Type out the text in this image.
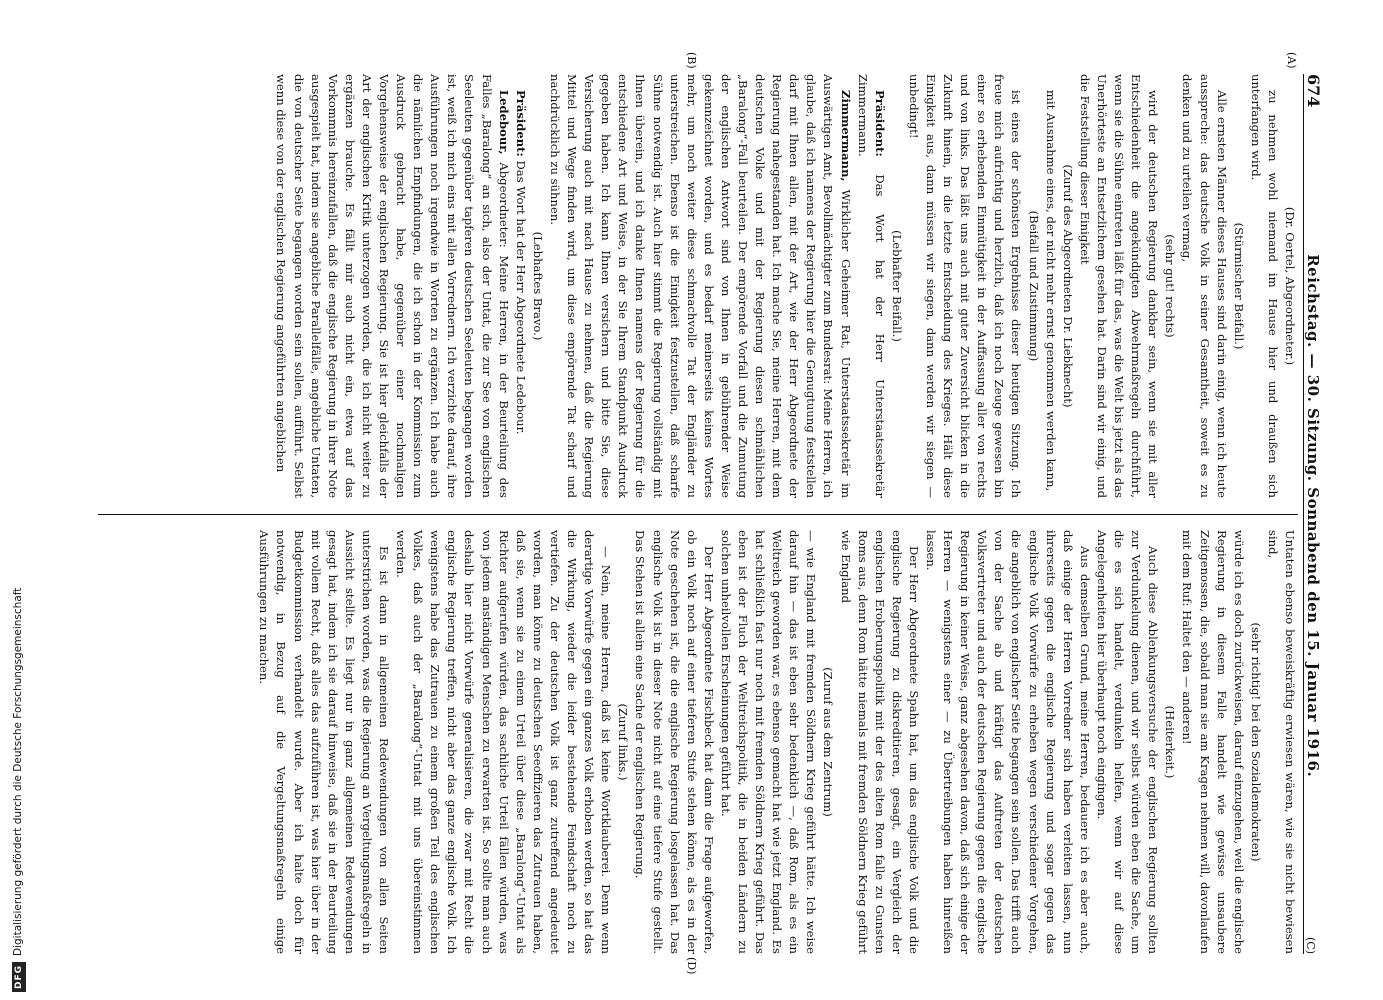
DFGDigitalisierung gefördert durch die Deutsche Forschungsgemeinschaft
674
Reichstag. — 30. Sitzung. Sonnabend den 15. Januar 1916.
(C)
(A)
(B)
(D)

(Dr. Oertel, Abgeordneter.)

zu nehmen wohl niemand im Hause hier und draußen sich unterfangen wird.

(Stürmischer Beifall.)

Alle ernsten Männer dieses Hauses sind darin einig, wenn ich heute ausspreche: das deutsche Volk in seiner Gesamtheit, soweit es zu denken und zu urteilen vermag,

(sehr gut! rechts)

wird der deutschen Regierung dankbar sein, wenn sie mit aller Entschiedenheit die angekündigten Abwehrmaßregeln durchführt, wenn sie die Sühne eintreten läßt für das, was die Welt bis jetzt als das Unerhörteste an Entsetzlichem gesehen hat. Darin sind wir einig, und die Feststellung dieser Einigkeit

(Zuruf des Abgeordneten Dr. Liebknecht)

mit Ausnahme eines, der nicht mehr ernst genommen werden kann,

(Beifall und Zustimmung)

ist eines der schönsten Ergebnisse dieser heutigen Sitzung. Ich freue mich aufrichtig und herzlich, daß ich noch Zeuge gewesen bin einer so erhebenden Einmütigkeit in der Auffassung aller von rechts und von links. Das läßt uns auch mit guter Zuversicht blicken in die Zukunft hinein, in die letzte Entscheidung des Krieges. Hält diese Einigkeit aus, dann müssen wir siegen, dann werden wir siegen — unbedingt!

(Lebhafter Beifall.)

Präsident: Das Wort hat der Herr Unterstaatssekretär Zimmermann.

Zimmermann, Wirklicher Geheimer Rat, Unterstaatssekretär im Auswärtigen Amt, Bevollmächtigter zum Bundesrat: Meine Herren, ich glaube, daß ich namens der Regierung hier die Genugtuung feststellen darf mit Ihnen allen, mit der Art, wie der Herr Abgeordnete der Regierung nahegestanden hat. Ich mache Sie, meine Herren, mit dem deutschen Volke und mit der Regierung diesen schmählichen „Baralong“-Fall beurteilen. Der empörende Vorfall und die Zumutung der englischen Antwort sind von Ihnen in gebührender Weise gekennzeichnet worden, und es bedarf meinerseits keines Wortes mehr, um noch weiter diese schmachvolle Tat der Engländer zu unterstreichen. Ebenso ist die Einigkeit festzustellen, daß scharfe Sühne notwendig ist. Auch hier stimmt die Regierung vollständig mit Ihnen überein, und ich danke Ihnen namens der Regierung für die entschiedene Art und Weise, in der Sie Ihrem Standpunkt Ausdruck gegeben haben. Ich kann Ihnen versichern und bitte Sie, diese Versicherung auch mit nach Hause zu nehmen, daß die Regierung Mittel und Wege finden wird, um diese empörende Tat scharf und nachdrücklich zu sühnen.

(Lebhaftes Bravo.)

Präsident: Das Wort hat der Herr Abgeordnete Ledebour.

Ledebour, Abgeordneter: Meine Herren, in der Beurteilung des Falles „Baralong“ an sich, also der Untat, die zur See von englischen Seeleuten gegenüber tapferen deutschen Seeleuten begangen worden ist, weiß ich mich eins mit allen Vorrednern. Ich verzichte darauf, ihre Ausführungen noch irgendwie in Worten zu ergänzen. Ich habe auch die nämlichen Empfindungen, die ich schon in der Kommission zum Ausdruck gebracht habe, gegenüber einer nochmaligen Vorgehensweise der englischen Regierung. Sie ist hier gleichfalls der Art der englischen Kritik unterzogen worden, die ich nicht weiter zu ergänzen brauche. Es fällt mir auch nicht ein, etwa auf das Vorkommnis hereinzufallen, daß die englische Regierung in ihrer Note ausgespielt hat, indem sie angebliche Parallelfälle, angebliche Untaten, die von deutscher Seite begangen worden sein sollen, aufführt. Selbst wenn diese von der englischen Regierung angeführten angeblichen

Untaten ebenso beweiskräftig erwiesen wären, wie sie nicht bewiesen sind,

(sehr richtig! bei den Sozialdemokraten)

würde ich es doch zurückweisen, darauf einzugehen, weil die englische Regierung in diesem Falle handelt wie gewisse unsaubere Zeitgenossen, die, sobald man sie am Kragen nehmen will, davonlaufen mit dem Ruf: Haltet den — anderen!

(Heiterkeit.)

Auch diese Ablenkungsversuche der englischen Regierung sollten zur Verdunkelung dienen, und wir selbst würden eben die Sache, um die es sich handelt, verdunkeln helfen, wenn wir auf diese Angelegenheiten hier überhaupt noch eingingen.

Aus demselben Grund, meine Herren, bedauere ich es aber auch, daß einige der Herren Vorredner sich haben verleiten lassen, nun ihrerseits gegen die englische Regierung und sogar gegen das englische Volk Vorwürfe zu erheben wegen verschiedener Vorgehen, die angeblich von englischer Seite begangen sein sollen. Das trifft auch von der Sache ab und kräftigt das Auftreten der deutschen Volksvertreter und auch der deutschen Regierung gegen die englische Regierung in keiner Weise, ganz abgesehen davon, daß sich einige der Herren — wenigstens einer — zu Übertreibungen haben hinreißen lassen.

Der Herr Abgeordnete Spahn hat, um das englische Volk und die englische Regierung zu diskreditieren, gesagt, ein Vergleich der englischen Eroberungspolitik mit der des alten Rom falle zu Gunsten Roms aus, denn Rom hätte niemals mit fremden Söldnern Krieg geführt wie England

(Zuruf aus dem Zentrum)

— wie England mit fremden Söldnern Krieg geführt hätte. Ich weise darauf hin — das ist eben sehr bedenklich —, daß Rom, als es ein Weltreich geworden war, es ebenso gemacht hat wie jetzt England. Es hat schließlich fast nur noch mit fremden Söldnern Krieg geführt. Das eben ist der Fluch der Weltreichspolitik, die in beiden Ländern zu solchen unheilvollen Erscheinungen geführt hat.

Der Herr Abgeordnete Fischbeck hat dann die Frage aufgeworfen, ob ein Volk noch auf einer tieferen Stufe stehen könne, als es in der Note geschehen ist, die die englische Regierung losgelassen hat. Das englische Volk ist in dieser Note nicht auf eine tiefere Stufe gestellt. Das Stehen ist allein eine Sache der englischen Regierung.

(Zuruf links.)

— Nein, meine Herren, daß ist keine Wortklauberei. Denn wenn derartige Vorwürfe gegen ein ganzes Volk erhoben werden, so hat das die Wirkung, wieder die leider bestehende Feindschaft noch zu vertiefen. Zu der deutschen Volk ist ganz zutreffend angedeutet worden, man könne zu deutschen Seeoffizieren das Zutrauen haben, daß sie, wenn sie zu einem Urteil über diese „Baralong“-Untat als Richter aufgerufen würden, das sachliche Urteil fällen würden, was von jedem anständigen Menschen zu erwarten ist. So sollte man auch deshalb hier nicht Vorwürfe generalisieren, die zwar mit Recht die englische Regierung treffen, nicht aber das ganze englische Volk. Ich wenigstens habe das Zutrauen zu einem großen Teil des englischen Volkes, daß auch der „Baralong“-Untat mit uns übereinstimmen werden.

Es ist dann in allgemeinen Redewendungen von allen Seiten unterstrichen worden, was die Regierung an Vergeltungsmaßregeln in Aussicht stellte. Es liegt nur in ganz allgemeinen Redewendungen gesagt hat, indem ich sie darauf hinweise, daß sie in der Beurteilung mit vollem Recht, daß alles das aufzuführen ist, was hier über in der Budgetkommission verhandelt wurde. Aber ich halte doch für notwendig, in Bezug auf die Vergeltungsmaßregeln einige Ausführungen zu machen.
